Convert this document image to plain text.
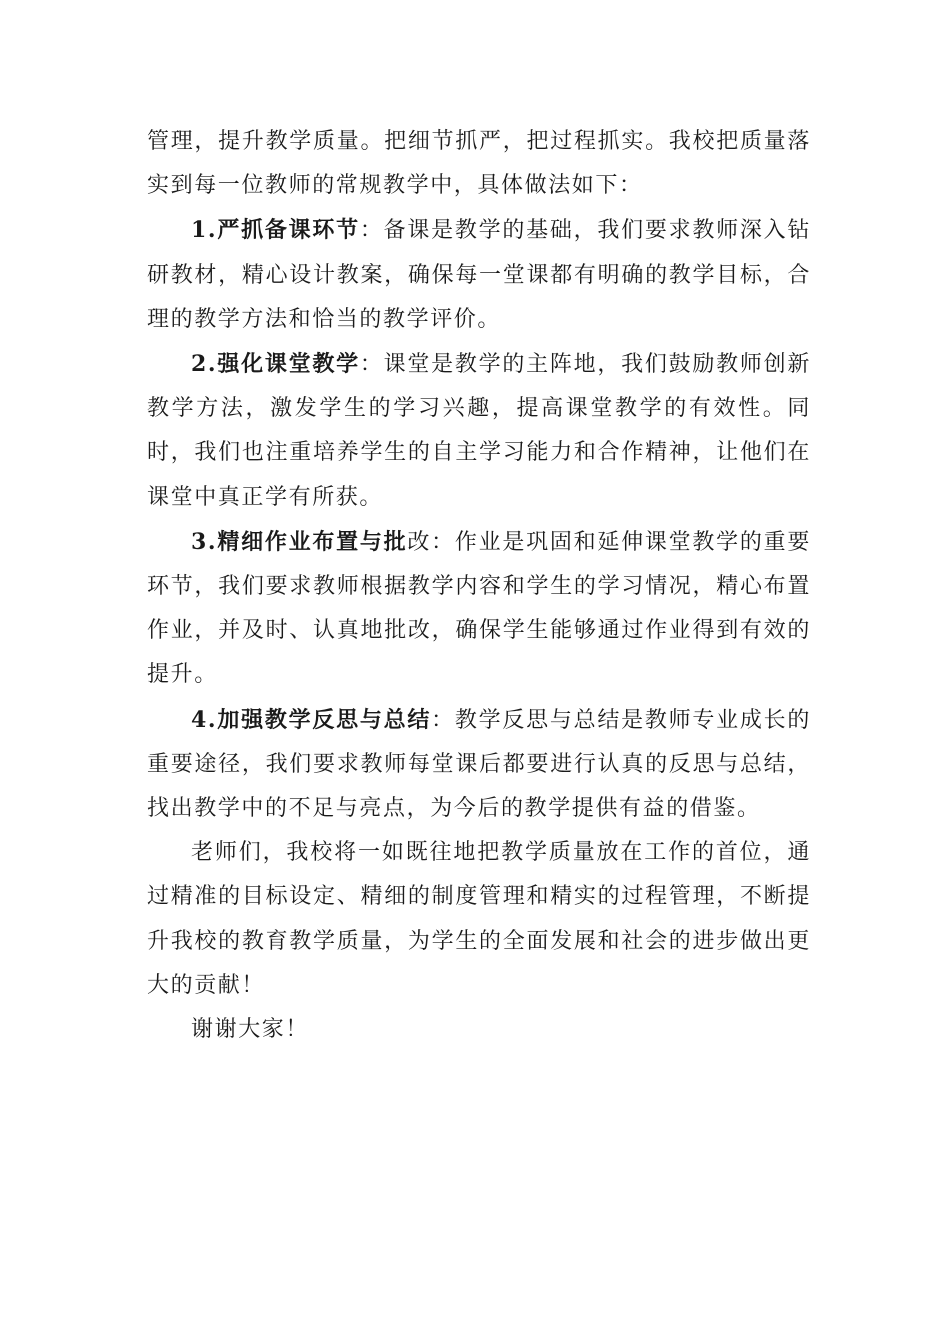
管理，提升教学质量。把细节抓严，把过程抓实。我校把质量落实到每一位教师的常规教学中，具体做法如下：

1.严抓备课环节：备课是教学的基础，我们要求教师深入钻研教材，精心设计教案，确保每一堂课都有明确的教学目标，合理的教学方法和恰当的教学评价。

2.强化课堂教学：课堂是教学的主阵地，我们鼓励教师创新教学方法，激发学生的学习兴趣，提高课堂教学的有效性。同时，我们也注重培养学生的自主学习能力和合作精神，让他们在课堂中真正学有所获。

3.精细作业布置与批改：作业是巩固和延伸课堂教学的重要环节，我们要求教师根据教学内容和学生的学习情况，精心布置作业，并及时、认真地批改，确保学生能够通过作业得到有效的提升。

4.加强教学反思与总结：教学反思与总结是教师专业成长的重要途径，我们要求教师每堂课后都要进行认真的反思与总结，找出教学中的不足与亮点，为今后的教学提供有益的借鉴。

老师们，我校将一如既往地把教学质量放在工作的首位，通过精准的目标设定、精细的制度管理和精实的过程管理，不断提升我校的教育教学质量，为学生的全面发展和社会的进步做出更大的贡献！

谢谢大家！
